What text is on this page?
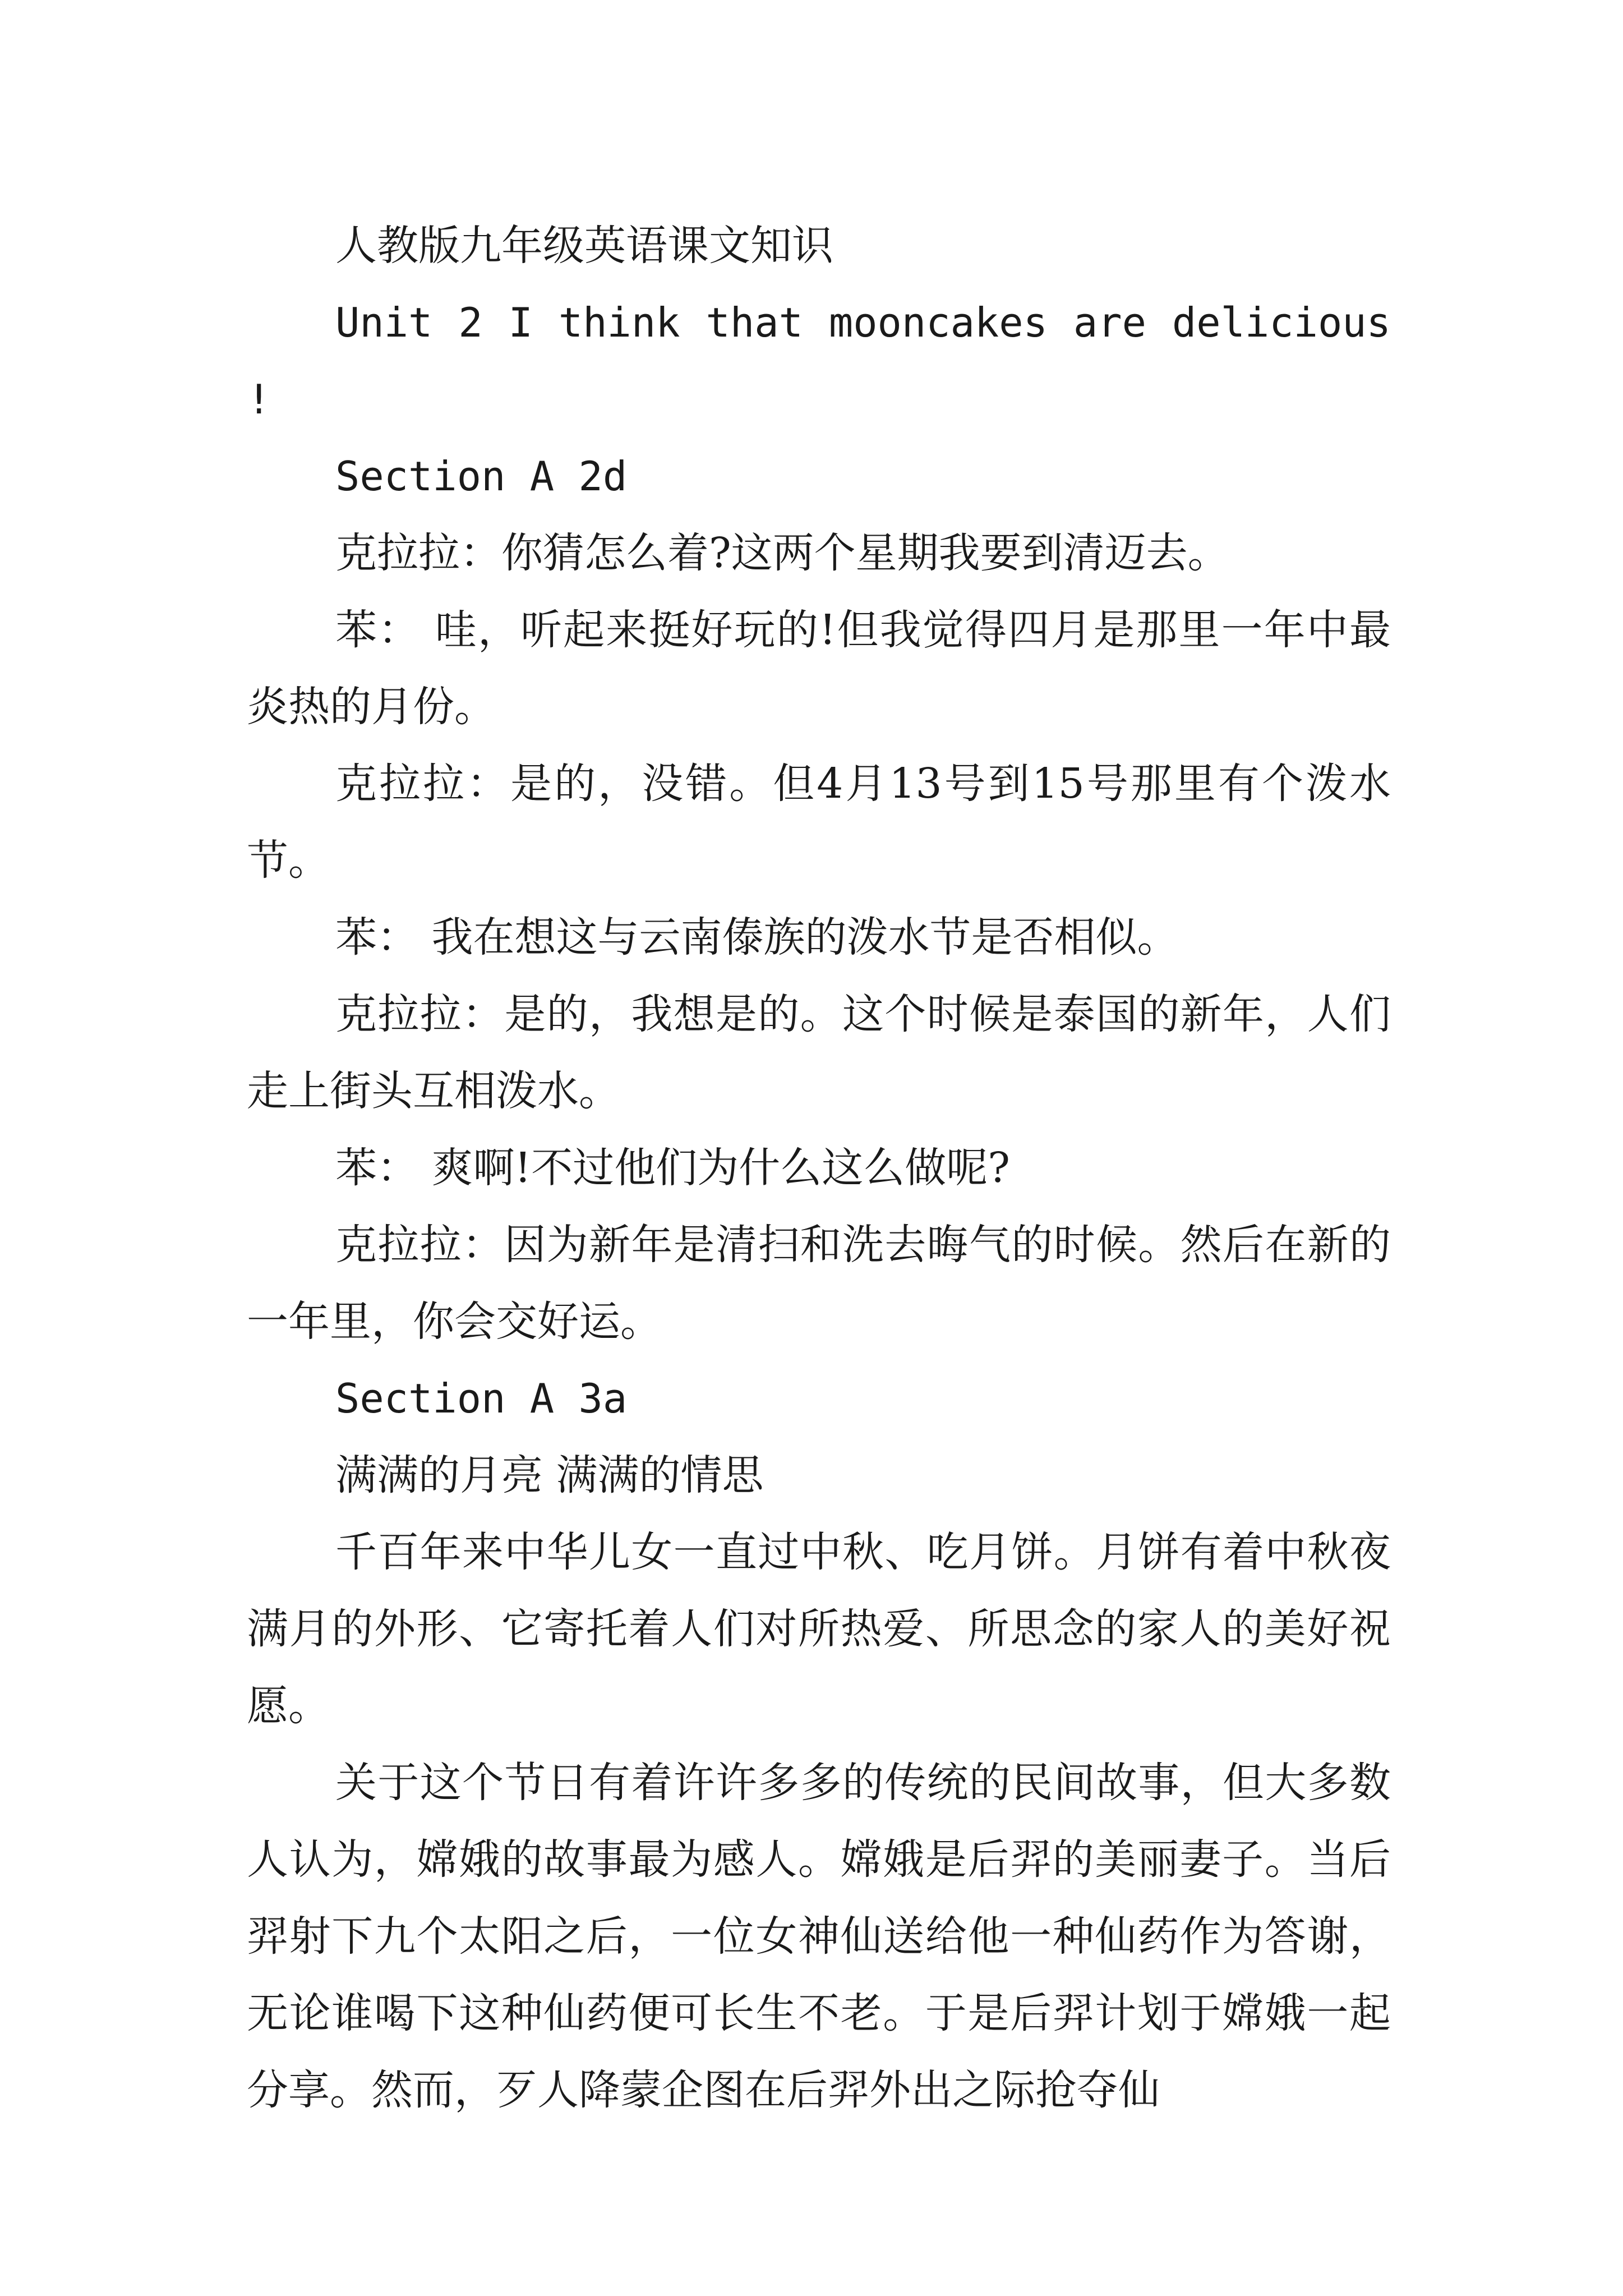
人教版九年级英语课文知识

Unit 2 I think that mooncakes are delicious !

Section A 2d

克拉拉：你猜怎么着?这两个星期我要到清迈去。

苯： 哇，听起来挺好玩的!但我觉得四月是那里一年中最炎热的月份。

克拉拉：是的，没错。但4月13号到15号那里有个泼水节。

苯： 我在想这与云南傣族的泼水节是否相似。

克拉拉：是的，我想是的。这个时候是泰国的新年，人们走上街头互相泼水。

苯： 爽啊!不过他们为什么这么做呢?

克拉拉：因为新年是清扫和洗去晦气的时候。然后在新的一年里，你会交好运。

Section A 3a

满满的月亮 满满的情思

千百年来中华儿女一直过中秋、吃月饼。月饼有着中秋夜满月的外形、它寄托着人们对所热爱、所思念的家人的美好祝愿。

关于这个节日有着许许多多的传统的民间故事，但大多数人认为，嫦娥的故事最为感人。嫦娥是后羿的美丽妻子。当后羿射下九个太阳之后，一位女神仙送给他一种仙药作为答谢，无论谁喝下这种仙药便可长生不老。于是后羿计划于嫦娥一起分享。然而，歹人降蒙企图在后羿外出之际抢夺仙
